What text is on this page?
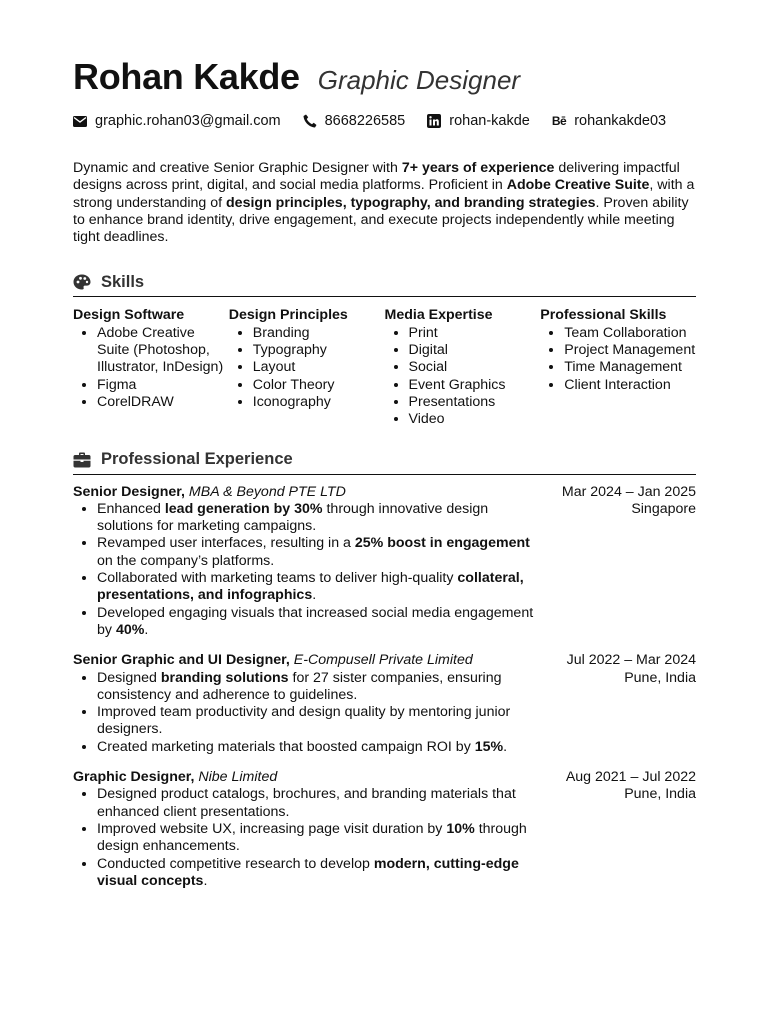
Rohan Kakde Graphic Designer
graphic.rohan03@gmail.com	8668226585	rohan-kakde Bē rohankakde03
Dynamic and creative Senior Graphic Designer with 7+ years of experience delivering impactful designs across print, digital, and social media platforms. Proficient in Adobe Creative Suite, with a strong understanding of design principles, typography, and branding strategies. Proven ability to enhance brand identity, drive engagement, and execute projects independently while meeting tight deadlines.
Skills
Design Software
• Adobe Creative Suite (Photoshop, Illustrator, InDesign)
• Figma
• CorelDRAW
Design Principles
• Branding
• Typography
• Layout
• Color Theory
• Iconography
Media Expertise
• Print
• Digital
• Social
• Event Graphics
• Presentations
• Video
Professional Skills
• Team Collaboration
• Project Management
• Time Management
• Client Interaction
Professional Experience
Senior Designer, MBA & Beyond PTE LTD
• Enhanced lead generation by 30% through innovative design solutions for marketing campaigns.
• Revamped user interfaces, resulting in a 25% boost in engagement on the company’s platforms.
• Collaborated with marketing teams to deliver high-quality collateral, presentations, and infographics.
• Developed engaging visuals that increased social media engagement by 40%.
Mar 2024 – Jan 2025
Singapore
Senior Graphic and UI Designer, E-Compusell Private Limited
• Designed branding solutions for 27 sister companies, ensuring consistency and adherence to guidelines.
• Improved team productivity and design quality by mentoring junior designers.
• Created marketing materials that boosted campaign ROI by 15%.
Jul 2022 – Mar 2024
Pune, India
Graphic Designer, Nibe Limited
• Designed product catalogs, brochures, and branding materials that enhanced client presentations.
• Improved website UX, increasing page visit duration by 10% through design enhancements.
• Conducted competitive research to develop modern, cutting-edge visual concepts.
Aug 2021 – Jul 2022
Pune, India
